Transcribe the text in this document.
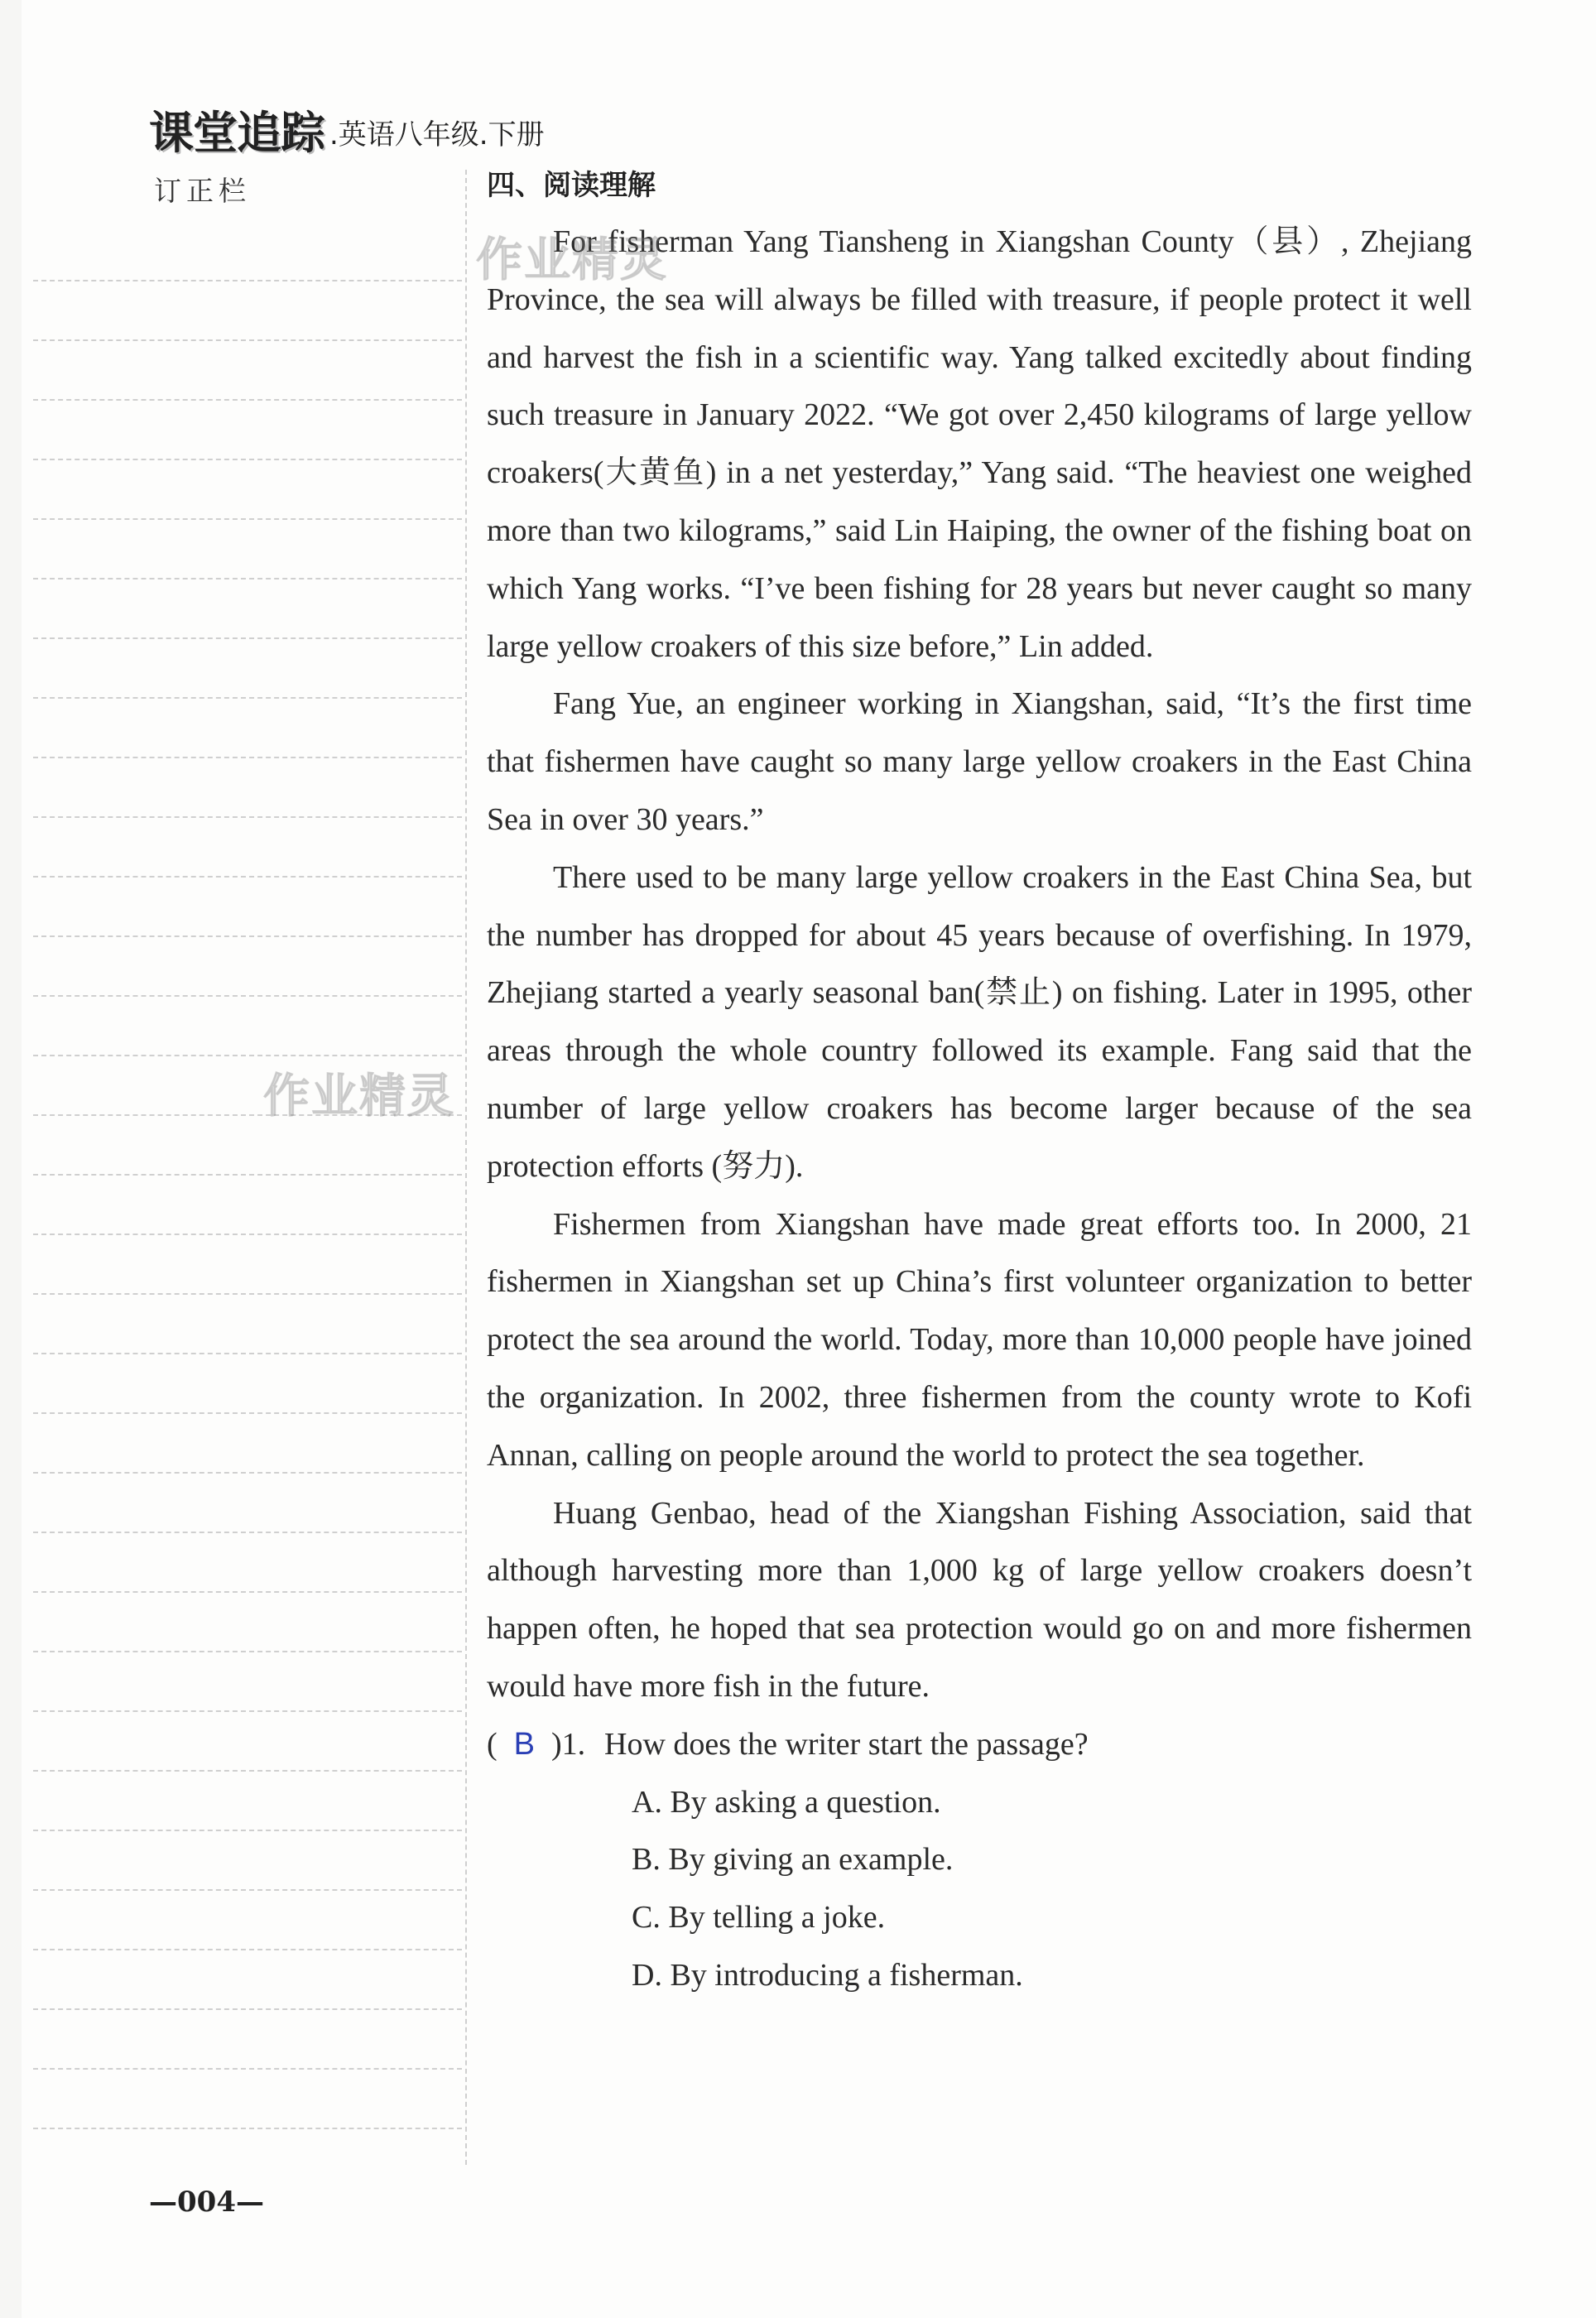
课堂追踪 .英语八年级.下册
订正栏	四、阅读理解

For fisherman Yang Tiansheng in Xiangshan County（县）, Zhejiang Province, the sea will always be filled with treasure, if people protect it well and harvest the fish in a scientific way. Yang talked excitedly about finding such treasure in January 2022. “We got over 2,450 kilograms of large yellow croakers(大黄鱼) in a net yesterday,” Yang said. “The heaviest one weighed more than two kilograms,” said Lin Haiping, the owner of the fishing boat on which Yang works. “I’ve been fishing for 28 years but never caught so many large yellow croakers of this size before,” Lin added.

Fang Yue, an engineer working in Xiangshan, said, “It’s the first time that fishermen have caught so many large yellow croakers in the East China Sea in over 30 years.”

There used to be many large yellow croakers in the East China Sea, but the number has dropped for about 45 years because of overfishing. In 1979, Zhejiang started a yearly seasonal ban(禁止) on fishing. Later in 1995, other areas through the whole country followed its example. Fang said that the number of large yellow croakers has become larger because of the sea protection efforts (努力).

Fishermen from Xiangshan have made great efforts too. In 2000, 21 fishermen in Xiangshan set up China’s first volunteer organization to better protect the sea around the world. Today, more than 10,000 people have joined the organization. In 2002, three fishermen from the county wrote to Kofi Annan, calling on people around the world to protect the sea together.

Huang Genbao, head of the Xiangshan Fishing Association, said that although harvesting more than 1,000 kg of large yellow croakers doesn’t happen often, he hoped that sea protection would go on and more fishermen would have more fish in the future.

( B )1. How does the writer start the passage?

A. By asking a question.

B. By giving an example.

C. By telling a joke.

D. By introducing a fisherman.

—004—
作业精灵
作业精灵
